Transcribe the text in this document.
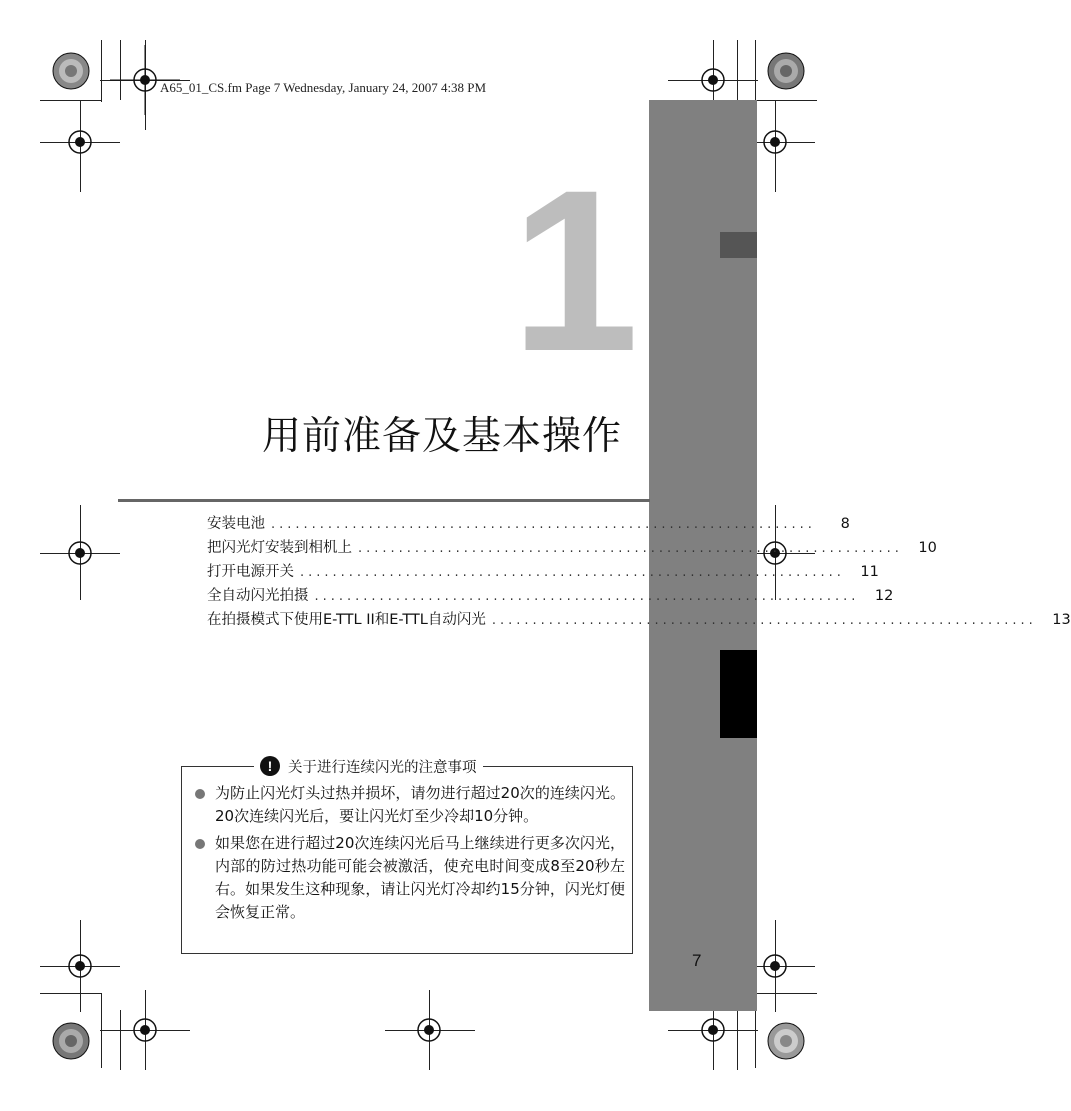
A65_01_CS.fm Page 7 Wednesday, January 24, 2007 4:38 PM
1
用前准备及基本操作
安装电池 ...................................................................	8
把闪光灯安装到相机上 ...................................................................	10
打开电源开关 ...................................................................	11
全自动闪光拍摄 ...................................................................	12
在拍摄模式下使用E-TTL II和E-TTL自动闪光 ...................................................................	13
!	关于进行连续闪光的注意事项
为防止闪光灯头过热并损坏，请勿进行超过20次的连续闪光。20次连续闪光后，要让闪光灯至少冷却10分钟。
如果您在进行超过20次连续闪光后马上继续进行更多次闪光，内部的防过热功能可能会被激活，使充电时间变成8至20秒左右。如果发生这种现象，请让闪光灯冷却约15分钟，闪光灯便会恢复正常。
7
